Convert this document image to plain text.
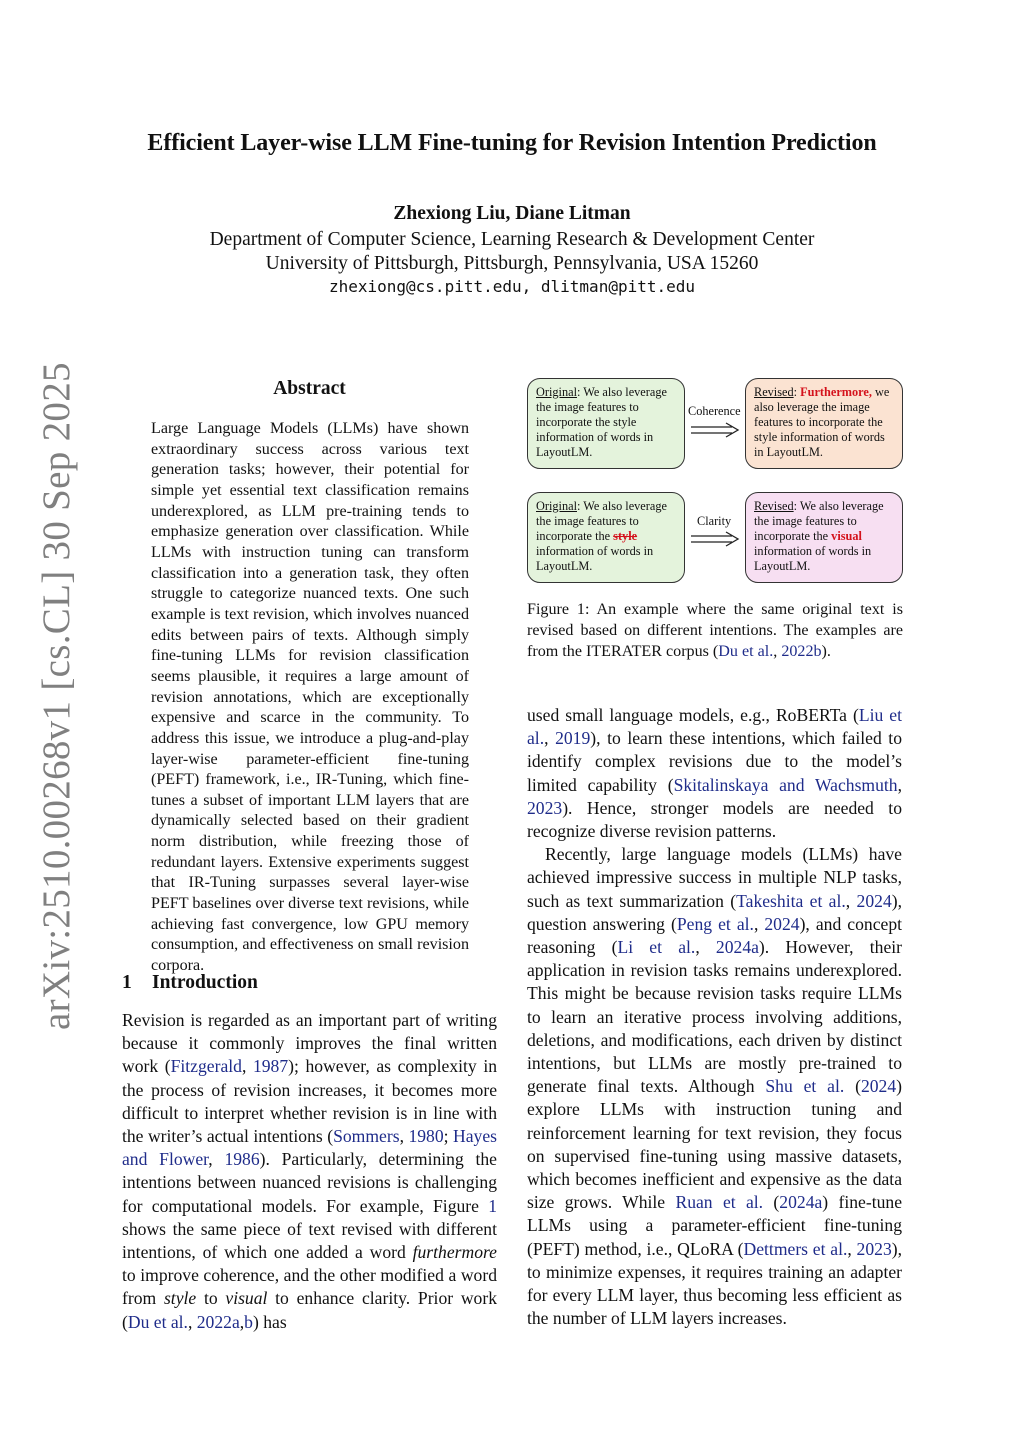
Efficient Layer-wise LLM Fine-tuning for Revision Intention Prediction
Zhexiong Liu, Diane Litman
Department of Computer Science, Learning Research & Development Center
University of Pittsburgh, Pittsburgh, Pennsylvania, USA 15260
zhexiong@cs.pitt.edu, dlitman@pitt.edu
arXiv:2510.00268v1 [cs.CL] 30 Sep 2025	Abstract
Large Language Models (LLMs) have shown extraordinary success across various text generation tasks; however, their potential for simple yet essential text classification remains underexplored, as LLM pre-training tends to emphasize generation over classification. While LLMs with instruction tuning can transform classification into a generation task, they often struggle to categorize nuanced texts. One such example is text revision, which involves nuanced edits between pairs of texts. Although simply fine-tuning LLMs for revision classification seems plausible, it requires a large amount of revision annotations, which are exceptionally expensive and scarce in the community. To address this issue, we introduce a plug-and-play layer-wise parameter-efficient fine-tuning (PEFT) framework, i.e., IR-Tuning, which fine-tunes a subset of important LLM layers that are dynamically selected based on their gradient norm distribution, while freezing those of redundant layers. Extensive experiments suggest that IR-Tuning surpasses several layer-wise PEFT baselines over diverse text revisions, while achieving fast convergence, low GPU memory consumption, and effectiveness on small revision corpora.
1 Introduction
Revision is regarded as an important part of writing because it commonly improves the final written work (Fitzgerald, 1987); however, as complexity in the process of revision increases, it becomes more difficult to interpret whether revision is in line with the writer’s actual intentions (Sommers, 1980; Hayes and Flower, 1986). Particularly, determining the intentions between nuanced revisions is challenging for computational models. For example, Figure 1 shows the same piece of text revised with different intentions, of which one added a word furthermore to improve coherence, and the other modified a word from style to visual to enhance clarity. Prior work (Du et al., 2022a,b) has
Original: We also leverage the image features to incorporate the style information of words in LayoutLM.
Coherence
Revised: Furthermore, we also leverage the image features to incorporate the style information of words in LayoutLM.
Original: We also leverage the image features to incorporate the style information of words in LayoutLM.
Clarity
Revised: We also leverage the image features to incorporate the visual information of words in LayoutLM.
Figure 1: An example where the same original text is revised based on different intentions. The examples are from the ITERATER corpus (Du et al., 2022b).

used small language models, e.g., RoBERTa (Liu et al., 2019), to learn these intentions, which failed to identify complex revisions due to the model’s limited capability (Skitalinskaya and Wachsmuth, 2023). Hence, stronger models are needed to recognize diverse revision patterns.

Recently, large language models (LLMs) have achieved impressive success in multiple NLP tasks, such as text summarization (Takeshita et al., 2024), question answering (Peng et al., 2024), and concept reasoning (Li et al., 2024a). However, their application in revision tasks remains underexplored. This might be because revision tasks require LLMs to learn an iterative process involving additions, deletions, and modifications, each driven by distinct intentions, but LLMs are mostly pre-trained to generate final texts. Although Shu et al. (2024) explore LLMs with instruction tuning and reinforcement learning for text revision, they focus on supervised fine-tuning using massive datasets, which becomes inefficient and expensive as the data size grows. While Ruan et al. (2024a) fine-tune LLMs using a parameter-efficient fine-tuning (PEFT) method, i.e., QLoRA (Dettmers et al., 2023), to minimize expenses, it requires training an adapter for every LLM layer, thus becoming less efficient as the number of LLM layers increases.
